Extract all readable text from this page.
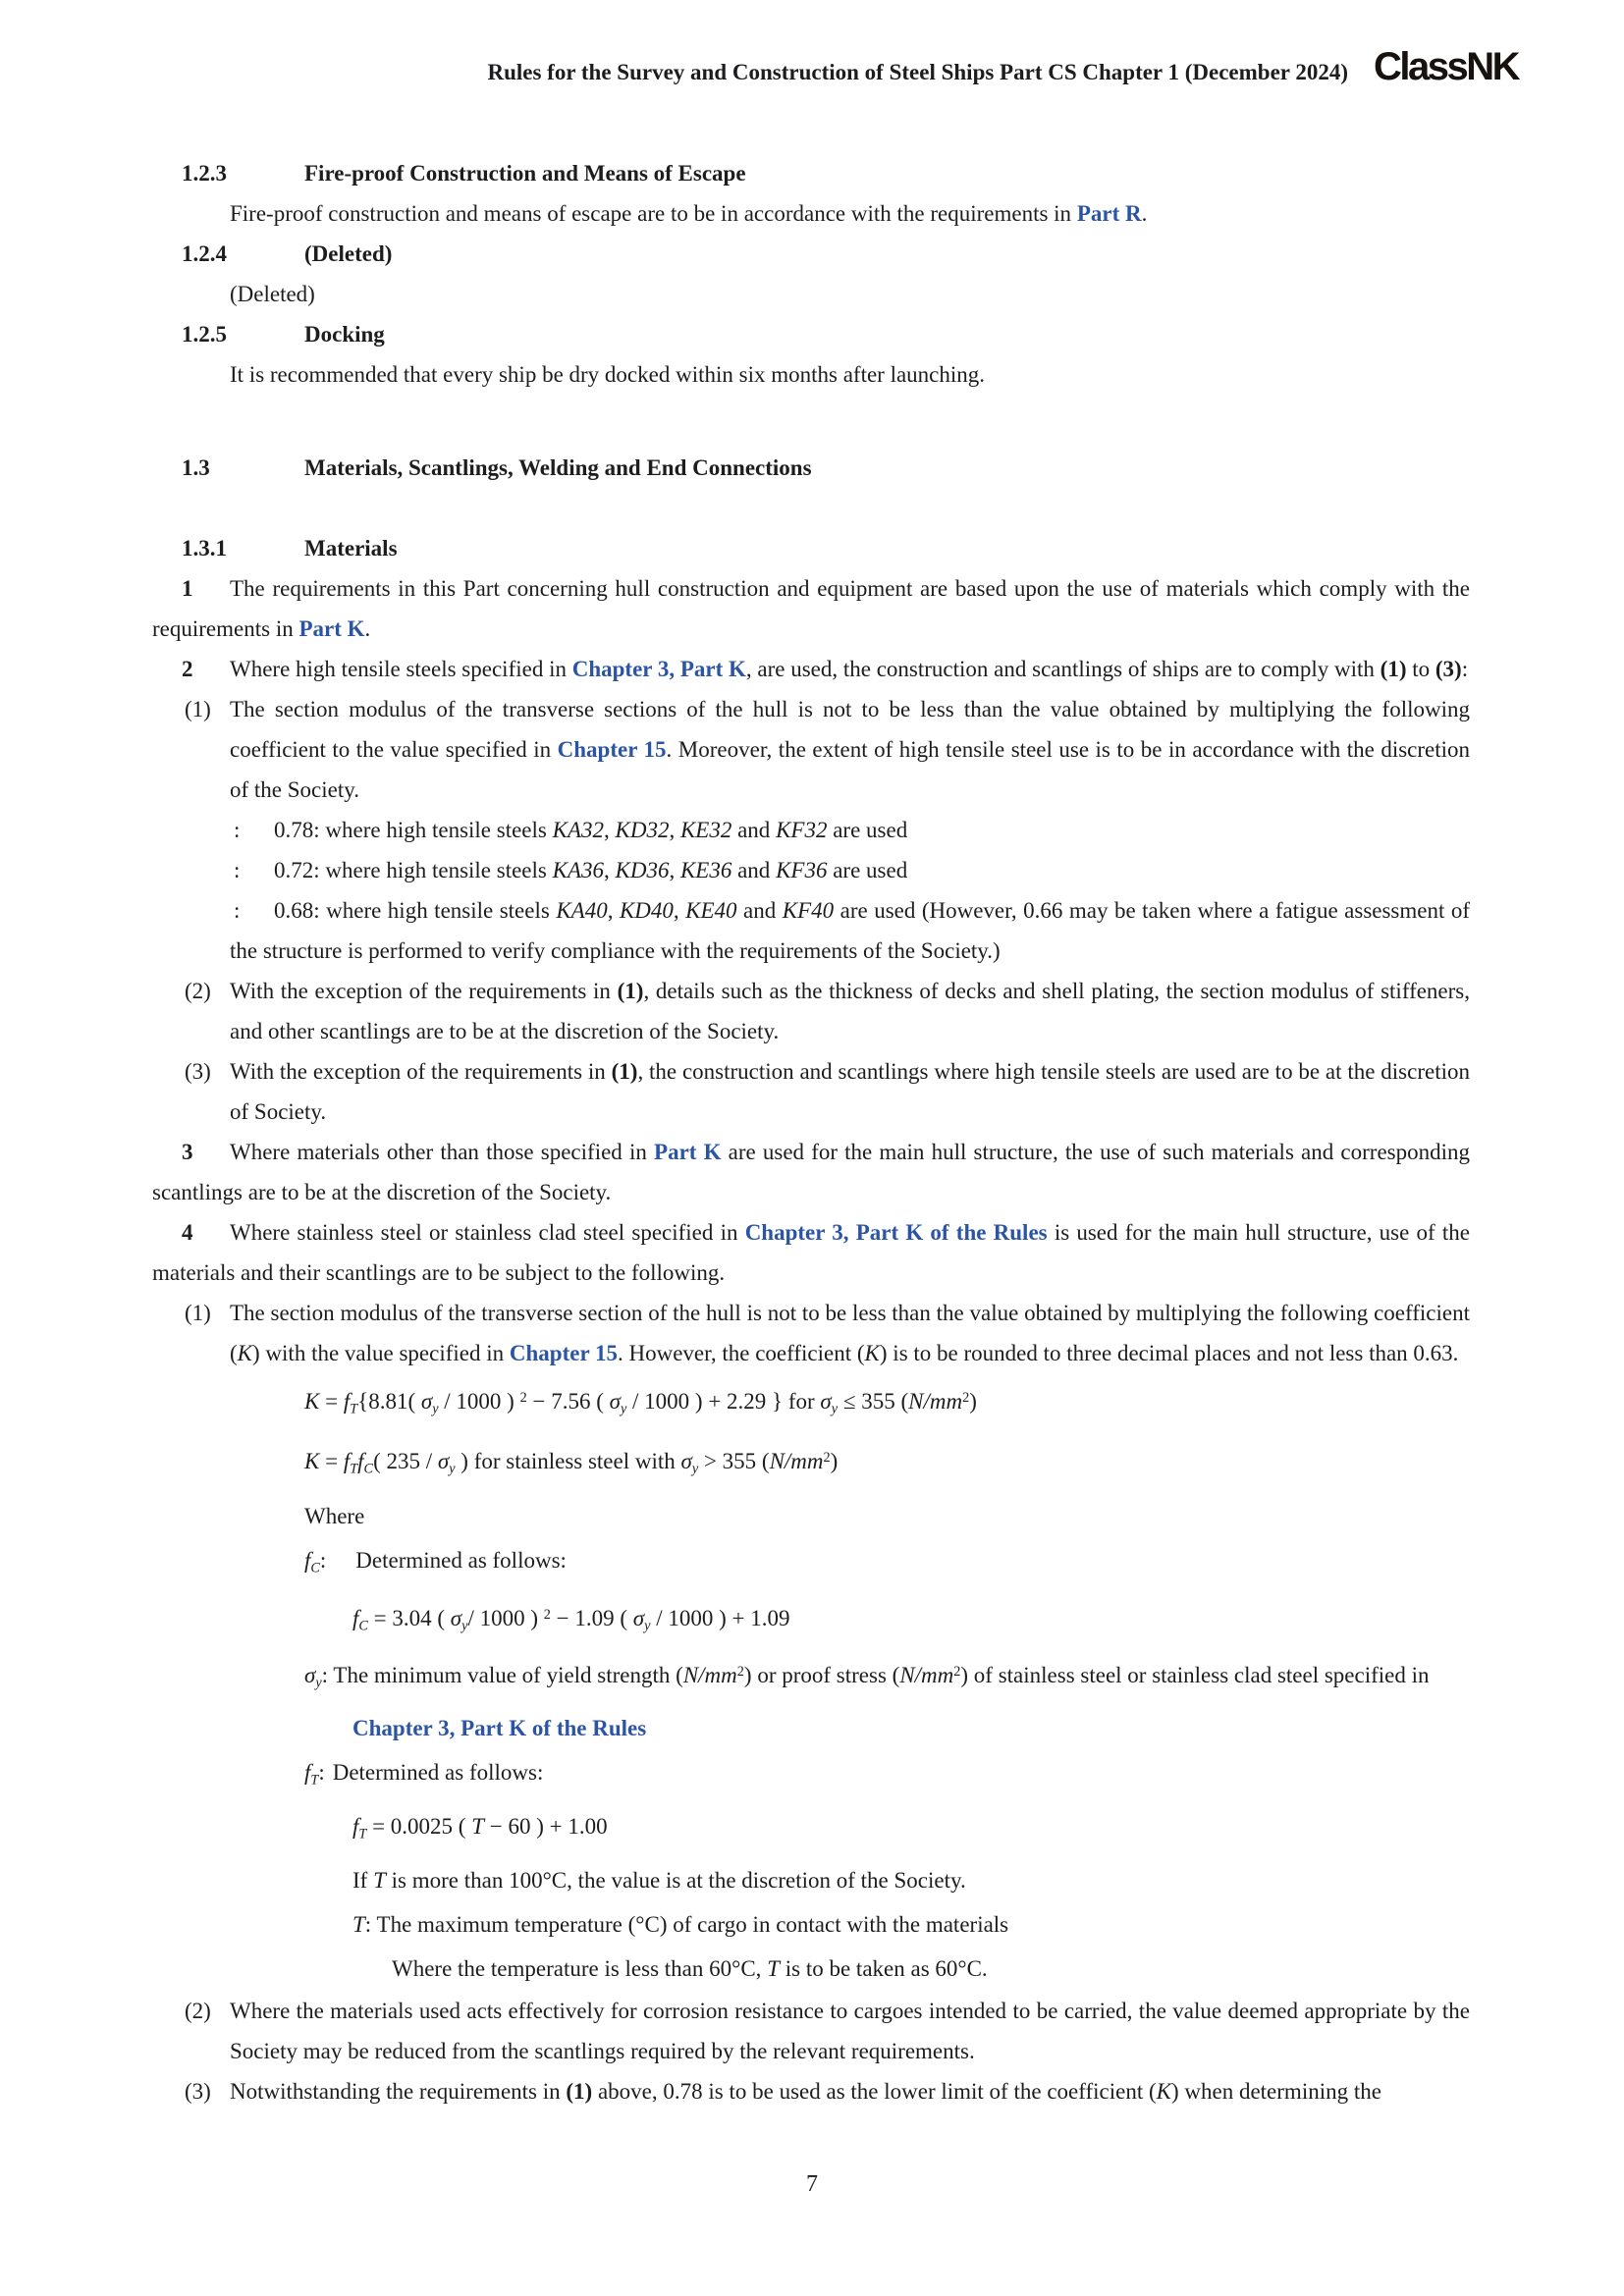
Rules for the Survey and Construction of Steel Ships Part CS Chapter 1 (December 2024) ClassNK

1.2.3	Fire-proof Construction and Means of Escape

Fire-proof construction and means of escape are to be in accordance with the requirements in Part R.

1.2.4	(Deleted)

(Deleted)

1.2.5	Docking

It is recommended that every ship be dry docked within six months after launching.

1.3	Materials, Scantlings, Welding and End Connections

1.3.1	Materials

1 The requirements in this Part concerning hull construction and equipment are based upon the use of materials which comply with the requirements in Part K.

2 Where high tensile steels specified in Chapter 3, Part K, are used, the construction and scantlings of ships are to comply with (1) to (3):

(1) The section modulus of the transverse sections of the hull is not to be less than the value obtained by multiplying the following coefficient to the value specified in Chapter 15. Moreover, the extent of high tensile steel use is to be in accordance with the discretion of the Society.

: 0.78: where high tensile steels KA32, KD32, KE32 and KF32 are used

: 0.72: where high tensile steels KA36, KD36, KE36 and KF36 are used

: 0.68: where high tensile steels KA40, KD40, KE40 and KF40 are used (However, 0.66 may be taken where a fatigue assessment of the structure is performed to verify compliance with the requirements of the Society.)

(2) With the exception of the requirements in (1), details such as the thickness of decks and shell plating, the section modulus of stiffeners, and other scantlings are to be at the discretion of the Society.

(3) With the exception of the requirements in (1), the construction and scantlings where high tensile steels are used are to be at the discretion of Society.

3 Where materials other than those specified in Part K are used for the main hull structure, the use of such materials and corresponding scantlings are to be at the discretion of the Society.

4 Where stainless steel or stainless clad steel specified in Chapter 3, Part K of the Rules is used for the main hull structure, use of the materials and their scantlings are to be subject to the following.

(1) The section modulus of the transverse section of the hull is not to be less than the value obtained by multiplying the following coefficient (K) with the value specified in Chapter 15. However, the coefficient (K) is to be rounded to three decimal places and not less than 0.63.

K = fT{8.81( σy / 1000 ) $^2$ − 7.56 ( σy / 1000 ) + 2.29 } for σy ≤ 355 $(N/mm^2)$

K = fTfC( 235 / σy ) for stainless steel with σy > 355 $(N/mm^2)$

Where

fC: Determined as follows:

fC = 3.04 ( σy/ 1000 ) $^2$ − 1.09 ( σy / 1000 ) + 1.09

σy: The minimum value of yield strength $(N/mm^2)$ or proof stress $(N/mm^2)$ of stainless steel or stainless clad steel specified in Chapter 3, Part K of the Rules

fT: Determined as follows:

fT = 0.0025 ( T − 60 ) + 1.00

If T is more than 100°C, the value is at the discretion of the Society.

T: The maximum temperature (°C) of cargo in contact with the materials

Where the temperature is less than 60°C, T is to be taken as 60°C.

(2) Where the materials used acts effectively for corrosion resistance to cargoes intended to be carried, the value deemed appropriate by the Society may be reduced from the scantlings required by the relevant requirements.

(3) Notwithstanding the requirements in (1) above, 0.78 is to be used as the lower limit of the coefficient (K) when determining the

7
